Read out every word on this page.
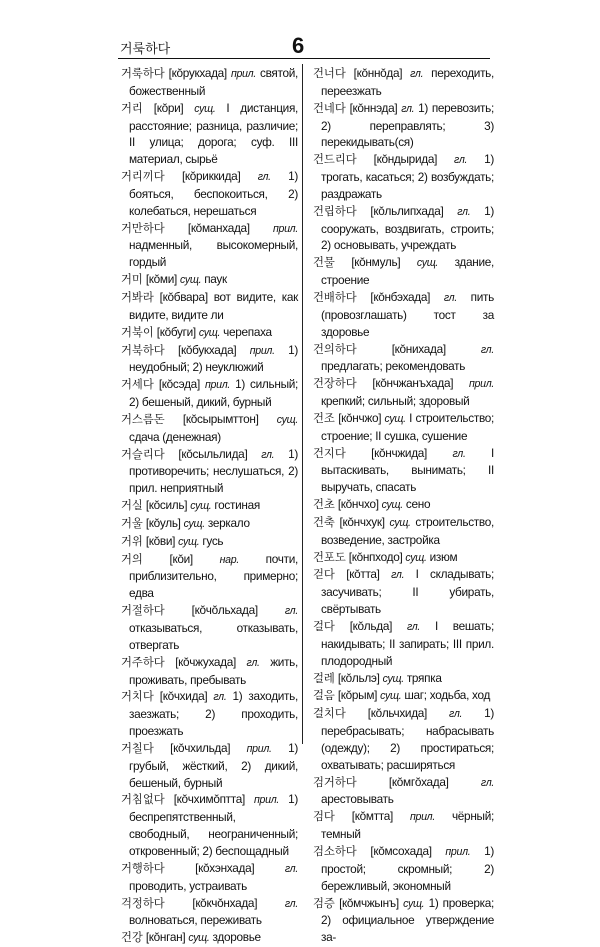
거룩하다	6

거룩하다 [кŏрукхада] прил. святой, божественный

거리 [кŏри] сущ. I дистанция, расстояние; разница, различие; II улица; дорога; суф. III материал, сырьё

거리끼다 [кŏриккида] гл. 1) бояться, беспокоиться, 2) колебаться, нерешаться

거만하다 [кŏманхада] прил. надменный, высокомерный, гордый

거미 [кŏми] сущ. паук

거봐라 [кŏбвара] вот видите, как видите, видите ли

거북이 [кŏбуги] сущ. черепаха

거북하다 [кŏбукхада] прил. 1) неудобный; 2) неуклюжий

거세다 [кŏсэда] прил. 1) сильный; 2) бешеный, дикий, бурный

거스름돈 [кŏсырымттон] сущ. сдача (денежная)

거슬리다 [кŏсыльлида] гл. 1) противоречить; неслушаться, 2) прил. неприятный

거실 [кŏсиль] сущ. гостиная

거울 [кŏуль] сущ. зеркало

거위 [кŏви] сущ. гусь

거의 [кŏи]	нар. почти, приблизительно, примерно; едва

거절하다 [кŏчŏльхада]	гл. отказываться, отказывать, отвергать

거주하다 [кŏчжухада] гл. жить, проживать, пребывать

거치다 [кŏчхида] гл. 1) заходить, заезжать; 2) проходить, проезжать

거칠다 [кŏчхильда] прил. 1) грубый, жёсткий, 2) дикий, бешеный, бурный

거침없다 [кŏчхимŏптта] прил. 1) беспрепятственный, свободный, неограниченный; откровенный; 2) беспощадный

거행하다	[кŏхэнхада]	гл. проводить, устраивать

걱정하다 [кŏкчŏнхада]	гл. волноваться, переживать

건강 [кŏнган] сущ. здоровье

건너다 [кŏннŏда] гл. переходить, переезжать

건네다 [кŏннэда] гл. 1) перевозить; 2) переправлять; 3) перекидывать(ся)

건드리다 [кŏндырида] гл. 1) трогать, касаться; 2) возбуждать; раздражать

건립하다 [кŏльлипхада] гл. 1) сооружать, воздвигать, строить; 2) основывать, учреждать

건물 [кŏнмуль] сущ. здание, строение

건배하다 [кŏнбэхада] гл. пить (провозглашать) тост за здоровье

건의하다	[кŏнихада]	гл. предлагать; рекомендовать

건장하다 [кŏнчжанъхада] прил. крепкий; сильный; здоровый

건조 [кŏнчжо] сущ. I строительство; строение; II сушка, сушение

건지다 [кŏнчжида] гл. I вытаскивать, вынимать; II выручать, спасать

건초 [кŏнчхо] сущ. сено

건축 [кŏнчхук] сущ. строительство, возведение, застройка

건포도 [кŏнпходо] сущ. изюм

걷다 [кŏтта] гл. I складывать; засучивать; II убирать, свёртывать

걸다 [кŏльда] гл. I вешать; накидывать; II запирать; III прил. плодородный

걸레 [кŏльлэ] сущ. тряпка

걸음 [кŏрым] сущ. шаг; ходьба, ход

걸치다 [кŏльчхида] гл. 1) перебрасывать; набрасывать (одежду); 2) простираться; охватывать; расширяться

검거하다	[кŏмгŏхада]	гл. арестовывать

검다 [кŏмтта] прил. чёрный; темный

검소하다 [кŏмсохада] прил. 1) простой; скромный; 2) бережливый, экономный

검증 [кŏмчжынъ] сущ. 1) проверка; 2) официальное утверждение за-
